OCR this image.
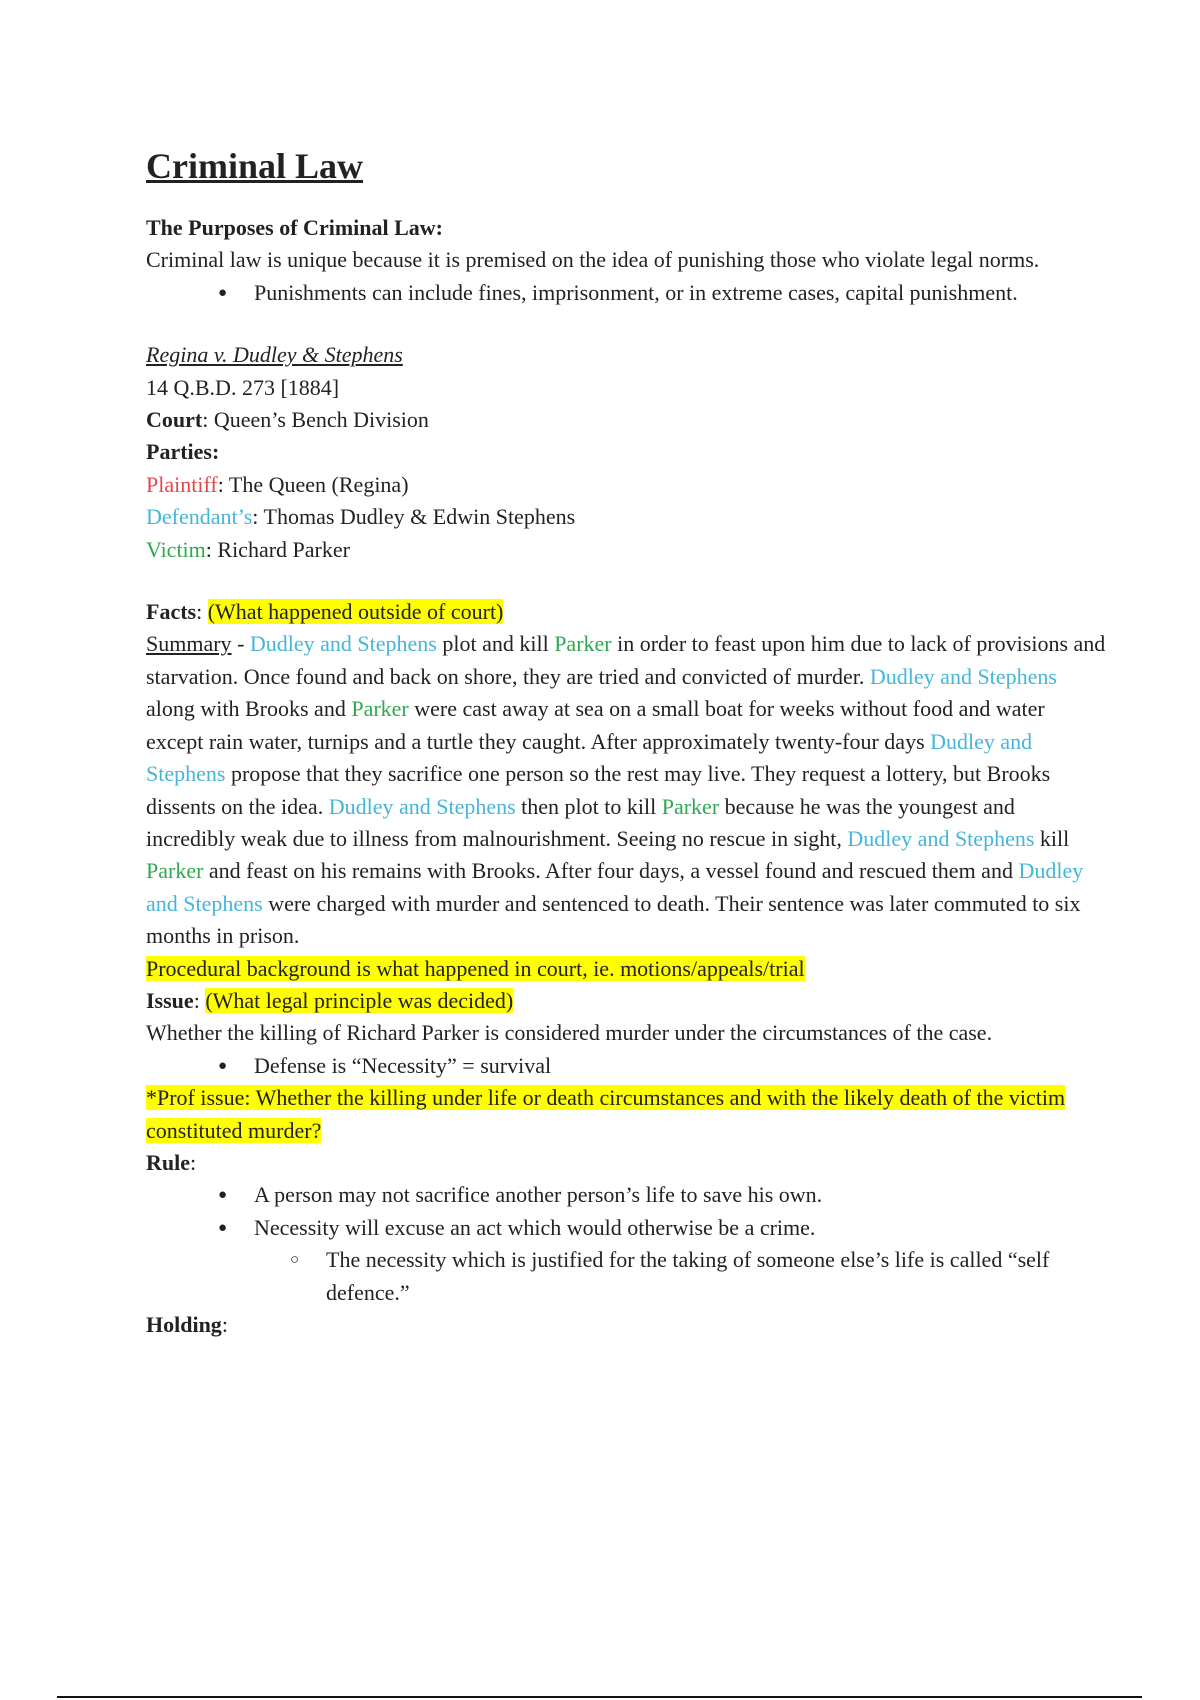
Criminal Law

The Purposes of Criminal Law:

Criminal law is unique because it is premised on the idea of punishing those who violate legal norms.

● Punishments can include fines, imprisonment, or in extreme cases, capital punishment.

Regina v. Dudley & Stephens

14 Q.B.D. 273 [1884]

Court: Queen’s Bench Division

Parties:

Plaintiff: The Queen (Regina)

Defendant’s: Thomas Dudley & Edwin Stephens

Victim: Richard Parker

Facts: (What happened outside of court)

Summary - Dudley and Stephens plot and kill Parker in order to feast upon him due to lack of provisions and starvation. Once found and back on shore, they are tried and convicted of murder. Dudley and Stephens along with Brooks and Parker were cast away at sea on a small boat for weeks without food and water except rain water, turnips and a turtle they caught. After approximately twenty-four days Dudley and Stephens propose that they sacrifice one person so the rest may live. They request a lottery, but Brooks dissents on the idea. Dudley and Stephens then plot to kill Parker because he was the youngest and incredibly weak due to illness from malnourishment. Seeing no rescue in sight, Dudley and Stephens kill Parker and feast on his remains with Brooks. After four days, a vessel found and rescued them and Dudley and Stephens were charged with murder and sentenced to death. Their sentence was later commuted to six months in prison.

Procedural background is what happened in court, ie. motions/appeals/trial

Issue: (What legal principle was decided)

Whether the killing of Richard Parker is considered murder under the circumstances of the case.

● Defense is “Necessity” = survival

*Prof issue: Whether the killing under life or death circumstances and with the likely death of the victim constituted murder?

Rule:

● A person may not sacrifice another person’s life to save his own.
● Necessity will excuse an act which would otherwise be a crime.
○ The necessity which is justified for the taking of someone else’s life is called “self defence.”

Holding:
